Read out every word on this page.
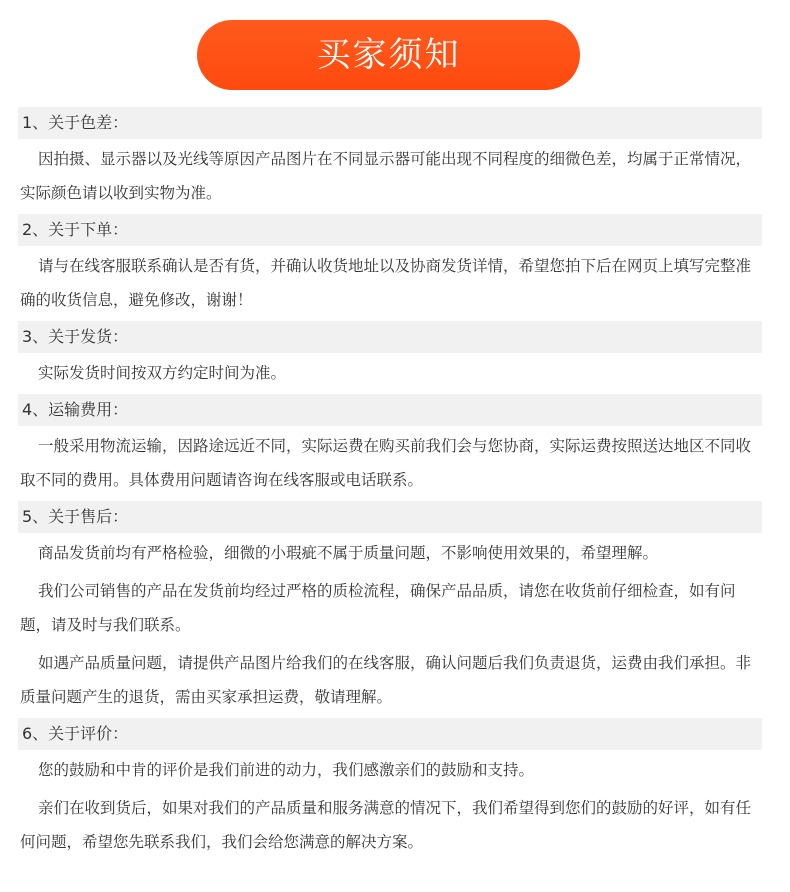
买家须知
1、关于色差：

因拍摄、显示器以及光线等原因产品图片在不同显示器可能出现不同程度的细微色差，均属于正常情况，实际颜色请以收到实物为准。

2、关于下单：

请与在线客服联系确认是否有货，并确认收货地址以及协商发货详情，希望您拍下后在网页上填写完整准确的收货信息，避免修改，谢谢！

3、关于发货：

实际发货时间按双方约定时间为准。

4、运输费用：

一般采用物流运输，因路途远近不同，实际运费在购买前我们会与您协商，实际运费按照送达地区不同收取不同的费用。具体费用问题请咨询在线客服或电话联系。

5、关于售后：

商品发货前均有严格检验，细微的小瑕疵不属于质量问题，不影响使用效果的，希望理解。

我们公司销售的产品在发货前均经过严格的质检流程，确保产品品质，请您在收货前仔细检查，如有问题，请及时与我们联系。

如遇产品质量问题，请提供产品图片给我们的在线客服，确认问题后我们负责退货，运费由我们承担。非质量问题产生的退货，需由买家承担运费，敬请理解。

6、关于评价：

您的鼓励和中肯的评价是我们前进的动力，我们感激亲们的鼓励和支持。

亲们在收到货后，如果对我们的产品质量和服务满意的情况下，我们希望得到您们的鼓励的好评，如有任何问题，希望您先联系我们，我们会给您满意的解决方案。
